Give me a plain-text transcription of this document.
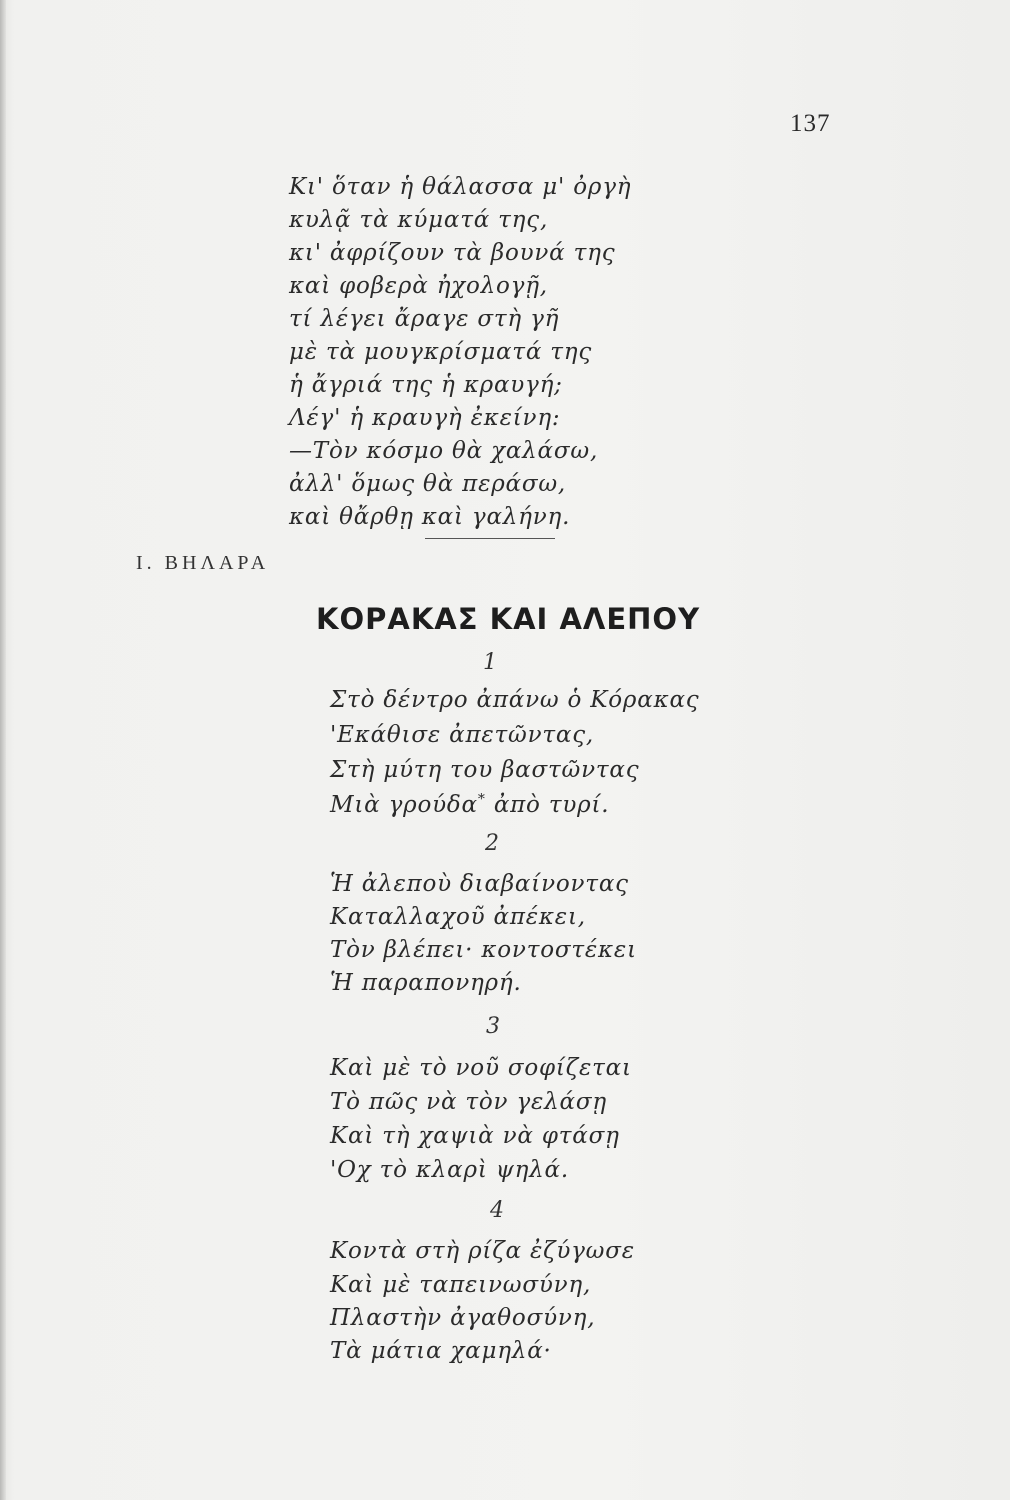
137

Κι' ὅταν ἡ θάλασσα μ' ὀργὴ

κυλᾷ τὰ κύματά της,

κι' ἀφρίζουν τὰ βουνά της

καὶ φοβερὰ ἠχολογῇ,

τί λέγει ἄραγε στὴ γῆ

μὲ τὰ μουγκρίσματά της

ἡ ἄγριά της ἡ κραυγή;

Λέγ' ἡ κραυγὴ ἐκείνη:

—Τὸν κόσμο θὰ χαλάσω,

ἀλλ' ὅμως θὰ περάσω,

καὶ θἄρθῃ καὶ γαλήνη.

Ι. ΒΗΛΑΡΑ
ΚΟΡΑΚΑΣ ΚΑΙ ΑΛΕΠΟΥ
1

Στὸ δέντρο ἀπάνω ὁ Κόρακας

'Εκάθισε ἀπετῶντας,

Στὴ μύτη του βαστῶντας

Μιὰ γρούδα* ἀπὸ τυρί.

2

Ἡ ἀλεποὺ διαβαίνοντας

Καταλλαχοῦ ἀπέκει,

Τὸν βλέπει· κοντοστέκει

Ἡ παραπονηρή.

3

Καὶ μὲ τὸ νοῦ σοφίζεται

Τὸ πῶς νὰ τὸν γελάσῃ

Καὶ τὴ χαψιὰ νὰ φτάσῃ

'Οχ τὸ κλαρὶ ψηλά.

4

Κοντὰ στὴ ρίζα ἐζύγωσε

Καὶ μὲ ταπεινωσύνη,

Πλαστὴν ἀγαθοσύνη,

Τὰ μάτια χαμηλά·
